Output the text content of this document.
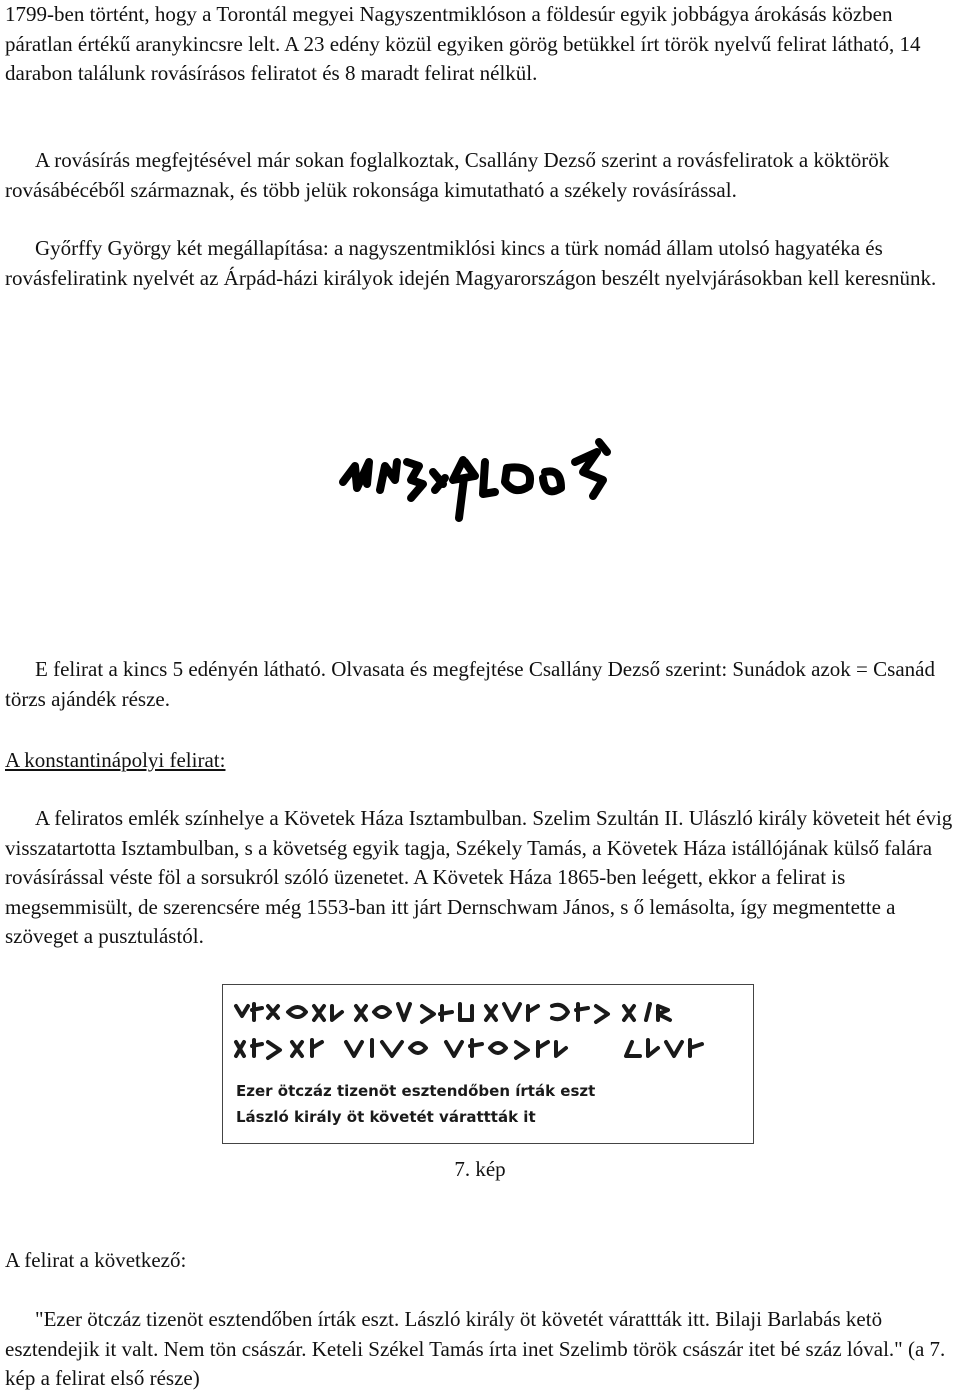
1799-ben történt, hogy a Torontál megyei Nagyszentmiklóson a földesúr egyik jobbágya árokásás közben páratlan értékű aranykincsre lelt. A 23 edény közül egyiken görög betükkel írt török nyelvű felirat látható, 14 darabon találunk rovásírásos feliratot és 8 maradt felirat nélkül.

A rovásírás megfejtésével már sokan foglalkoztak, Csallány Dezső szerint a rovásfeliratok a köktörök rovásábécéből származnak, és több jelük rokonsága kimutatható a székely rovásírással.

Győrffy György két megállapítása: a nagyszentmiklósi kincs a türk nomád állam utolsó hagyatéka és rovásfeliratink nyelvét az Árpád-házi királyok idején Magyarországon beszélt nyelvjárásokban kell keresnünk.

E felirat a kincs 5 edényén látható. Olvasata és megfejtése Csallány Dezső szerint: Sunádok azok = Csanád törzs ajándék része.

A konstantinápolyi felirat:

A feliratos emlék színhelye a Követek Háza Isztambulban. Szelim Szultán II. Ulászló király követeit hét évig visszatartotta Isztambulban, s a követség egyik tagja, Székely Tamás, a Követek Háza istállójának külső falára rovásírással véste föl a sorsukról szóló üzenetet. A Követek Háza 1865-ben leégett, ekkor a felirat is megsemmisült, de szerencsére még 1553-ban itt járt Dernschwam János, s ő lemásolta, így megmentette a szöveget a pusztulástól.

Ezer ötczáz tizenöt esztendőben írták eszt
László király öt követét várattták it
7. kép

A felirat a következő:

"Ezer ötczáz tizenöt esztendőben írták eszt. László király öt követét várattták itt. Bilaji Barlabás ketö esztendejik it valt. Nem tön császár. Keteli Székel Tamás írta inet Szelimb török császár itet bé száz lóval." (a 7. kép a felirat első része)
